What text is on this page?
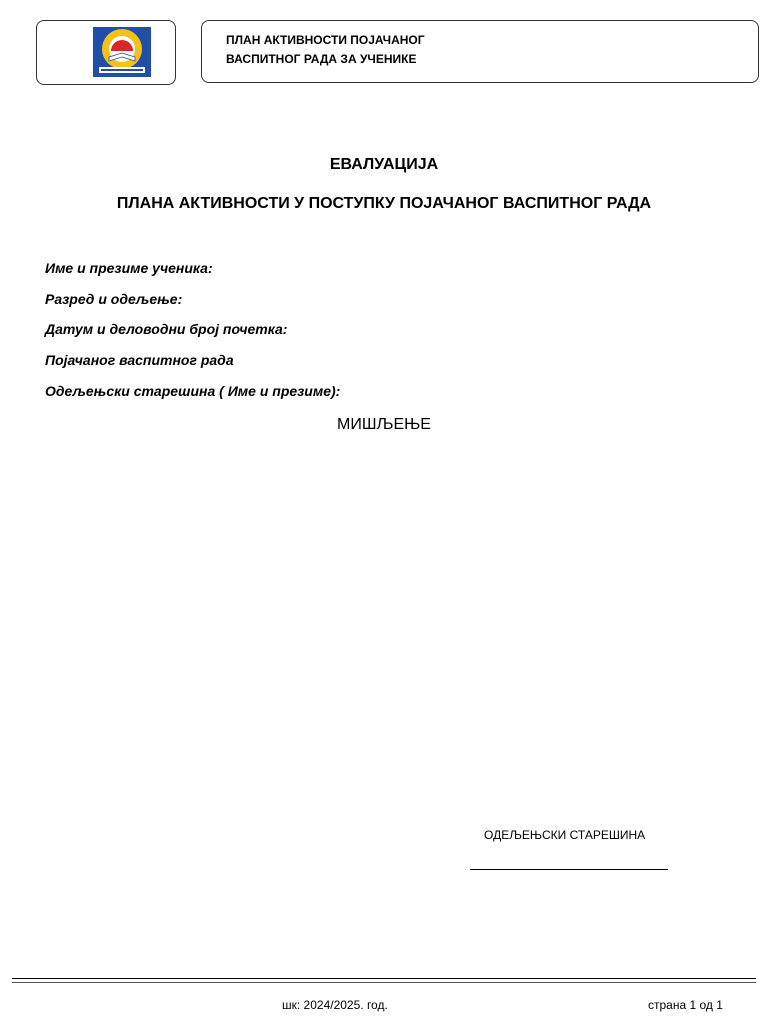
ПЛАН АКТИВНОСТИ ПОЈАЧАНОГ
ВАСПИТНОГ РАДА ЗА УЧЕНИКЕ
ЕВАЛУАЦИЈА
ПЛАНА АКТИВНОСТИ У ПОСТУПКУ ПОЈАЧАНОГ ВАСПИТНОГ РАДА
Име и презиме ученика:
Разред и одељење:
Датум и деловодни број почетка:
Појачаног васпитног рада
Одељењски старешина ( Име и презиме):
МИШЉЕЊЕ
ОДЕЉЕЊСКИ СТАРЕШИНА
шк: 2024/2025. год.	страна 1 од 1
